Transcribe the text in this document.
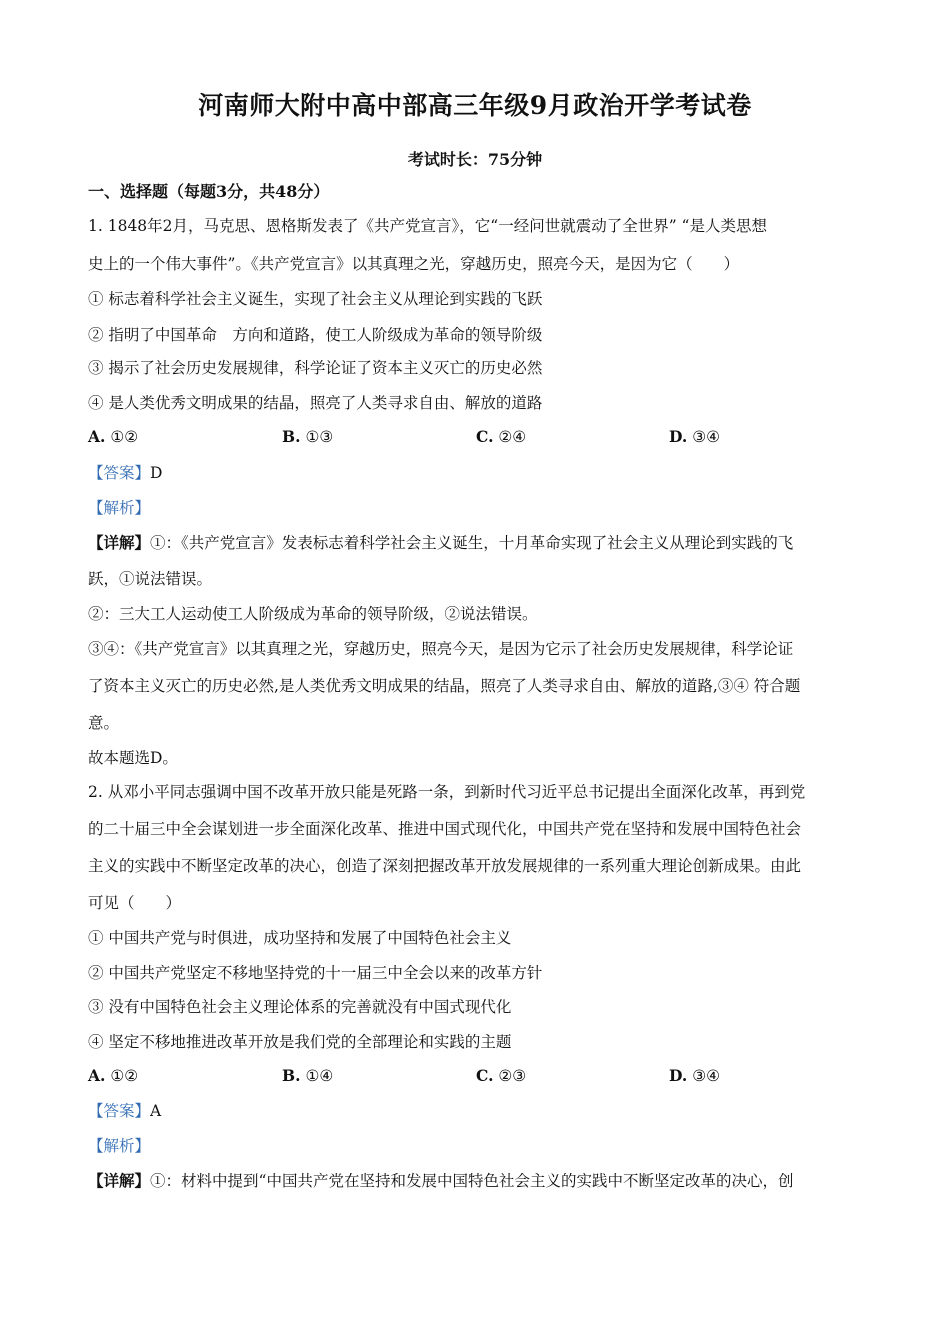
河南师大附中高中部高三年级9月政治开学考试卷
考试时长：75分钟
一、选择题（每题3分，共48分）
1. 1848年2月，马克思、恩格斯发表了《共产党宣言》，它“一经问世就震动了全世界” “是人类思想
史上的一个伟大事件”。《共产党宣言》以其真理之光，穿越历史，照亮今天，是因为它（　　）
① 标志着科学社会主义诞生，实现了社会主义从理论到实践的飞跃
② 指明了中国革命　方向和道路，使工人阶级成为革命的领导阶级
③ 揭示了社会历史发展规律，科学论证了资本主义灭亡的历史必然
④ 是人类优秀文明成果的结晶，照亮了人类寻求自由、解放的道路
A. ①②	B. ①③	C. ②④	D. ③④
【答案】D
【解析】
【详解】①：《共产党宣言》发表标志着科学社会主义诞生，十月革命实现了社会主义从理论到实践的飞
跃，①说法错误。
②：三大工人运动使工人阶级成为革命的领导阶级，②说法错误。
③④：《共产党宣言》以其真理之光，穿越历史，照亮今天，是因为它示了社会历史发展规律，科学论证
了资本主义灭亡的历史必然,是人类优秀文明成果的结晶，照亮了人类寻求自由、解放的道路,③④ 符合题
意。
故本题选D。
2. 从邓小平同志强调中国不改革开放只能是死路一条，到新时代习近平总书记提出全面深化改革，再到党
的二十届三中全会谋划进一步全面深化改革、推进中国式现代化，中国共产党在坚持和发展中国特色社会
主义的实践中不断坚定改革的决心，创造了深刻把握改革开放发展规律的一系列重大理论创新成果。由此
可见（　　）
① 中国共产党与时俱进，成功坚持和发展了中国特色社会主义
② 中国共产党坚定不移地坚持党的十一届三中全会以来的改革方针
③ 没有中国特色社会主义理论体系的完善就没有中国式现代化
④ 坚定不移地推进改革开放是我们党的全部理论和实践的主题
A. ①②	B. ①④	C. ②③	D. ③④
【答案】A
【解析】
【详解】①：材料中提到“中国共产党在坚持和发展中国特色社会主义的实践中不断坚定改革的决心，创
